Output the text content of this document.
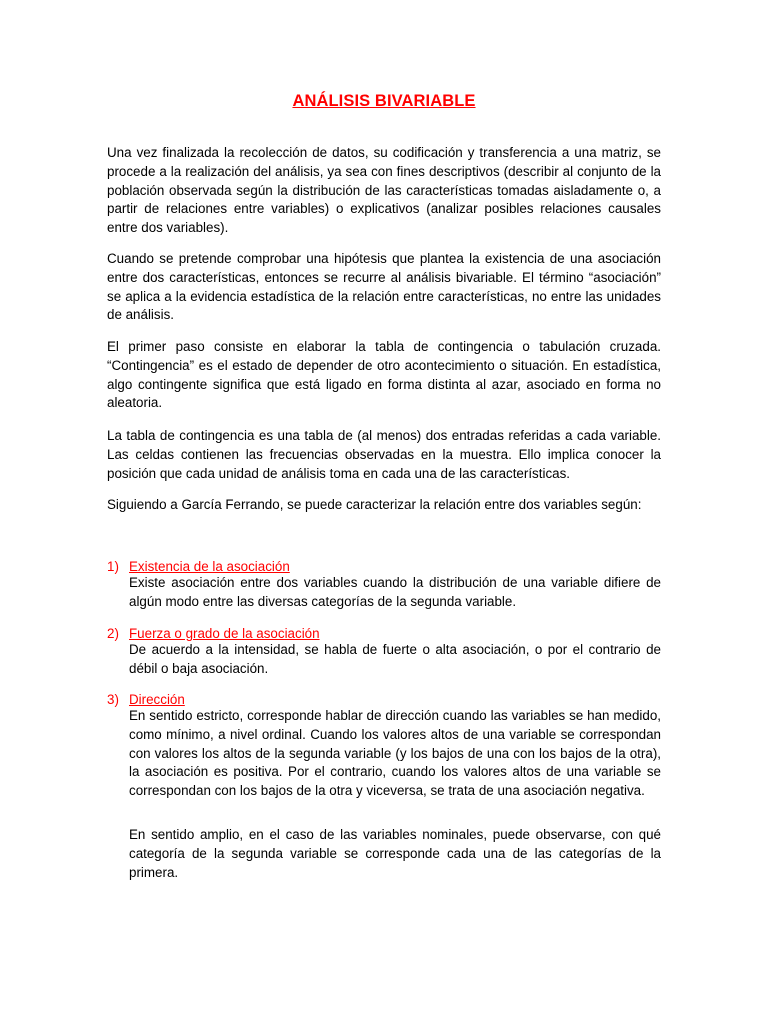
ANÁLISIS BIVARIABLE
Una vez finalizada la recolección de datos, su codificación y transferencia a una matriz, se procede a la realización del análisis, ya sea con fines descriptivos (describir al conjunto de la población observada según la distribución de las características tomadas aisladamente o, a partir de relaciones entre variables) o explicativos (analizar posibles relaciones causales entre dos variables).
Cuando se pretende comprobar una hipótesis que plantea la existencia de una asociación entre dos características, entonces se recurre al análisis bivariable. El término “asociación” se aplica a la evidencia estadística de la relación entre características, no entre las unidades de análisis.
El primer paso consiste en elaborar la tabla de contingencia o tabulación cruzada. “Contingencia” es el estado de depender de otro acontecimiento o situación. En estadística, algo contingente significa que está ligado en forma distinta al azar, asociado en forma no aleatoria.
La tabla de contingencia es una tabla de (al menos) dos entradas referidas a cada variable. Las celdas contienen las frecuencias observadas en la muestra. Ello implica conocer la posición que cada unidad de análisis toma en cada una de las características.
Siguiendo a García Ferrando, se puede caracterizar la relación entre dos variables según:
1) Existencia de la asociación
Existe asociación entre dos variables cuando la distribución de una variable difiere de algún modo entre las diversas categorías de la segunda variable.
2) Fuerza o grado de la asociación
De acuerdo a la intensidad, se habla de fuerte o alta asociación, o por el contrario de débil o baja asociación.
3) Dirección
En sentido estricto, corresponde hablar de dirección cuando las variables se han medido, como mínimo, a nivel ordinal. Cuando los valores altos de una variable se correspondan con valores los altos de la segunda variable (y los bajos de una con los bajos de la otra), la asociación es positiva. Por el contrario, cuando los valores altos de una variable se correspondan con los bajos de la otra y viceversa, se trata de una asociación negativa.
En sentido amplio, en el caso de las variables nominales, puede observarse, con qué categoría de la segunda variable se corresponde cada una de las categorías de la primera.
